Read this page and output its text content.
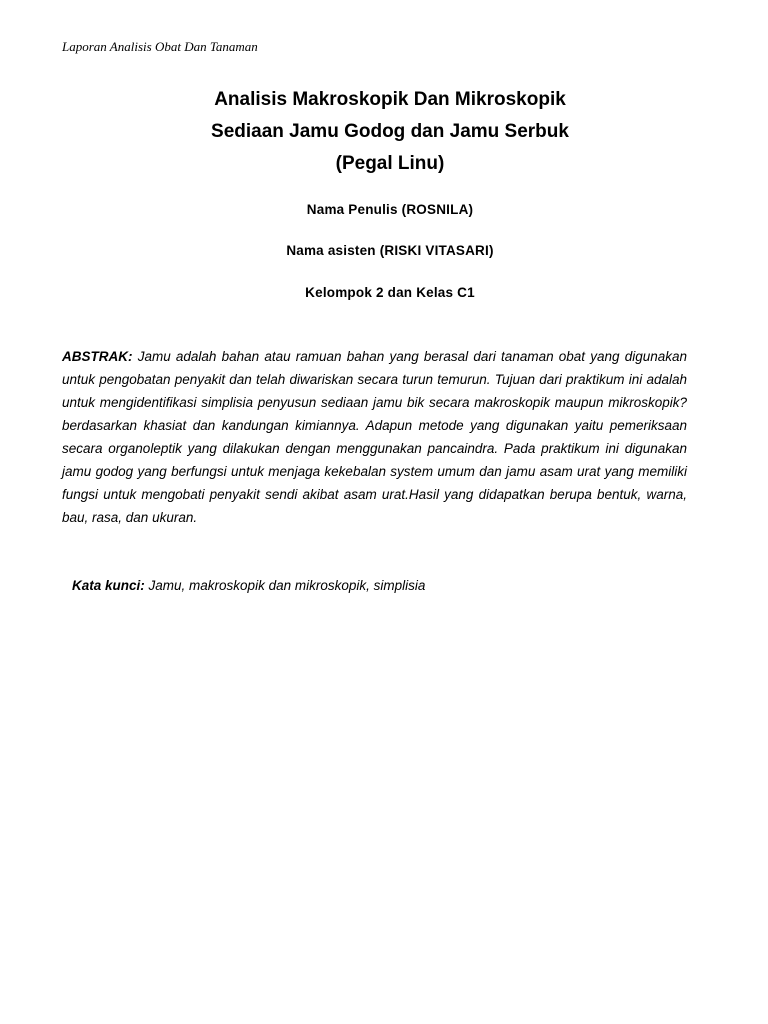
Laporan Analisis Obat Dan Tanaman

Analisis Makroskopik Dan Mikroskopik

Sediaan Jamu Godog dan Jamu Serbuk

(Pegal Linu)

Nama Penulis (ROSNILA)
Nama asisten (RISKI VITASARI)
Kelompok 2 dan Kelas C1
ABSTRAK: Jamu adalah bahan atau ramuan bahan yang berasal dari tanaman obat yang digunakan untuk pengobatan penyakit dan telah diwariskan secara turun temurun. Tujuan dari praktikum ini adalah untuk mengidentifikasi simplisia penyusun sediaan jamu bik secara makroskopik maupun mikroskopik? berdasarkan khasiat dan kandungan kimiannya. Adapun metode yang digunakan yaitu pemeriksaan secara organoleptik yang dilakukan dengan menggunakan pancaindra. Pada praktikum ini digunakan jamu godog yang berfungsi untuk menjaga kekebalan system umum dan jamu asam urat yang memiliki fungsi untuk mengobati penyakit sendi akibat asam urat.Hasil yang didapatkan berupa bentuk, warna, bau, rasa, dan ukuran.
Kata kunci: Jamu, makroskopik dan mikroskopik, simplisia
